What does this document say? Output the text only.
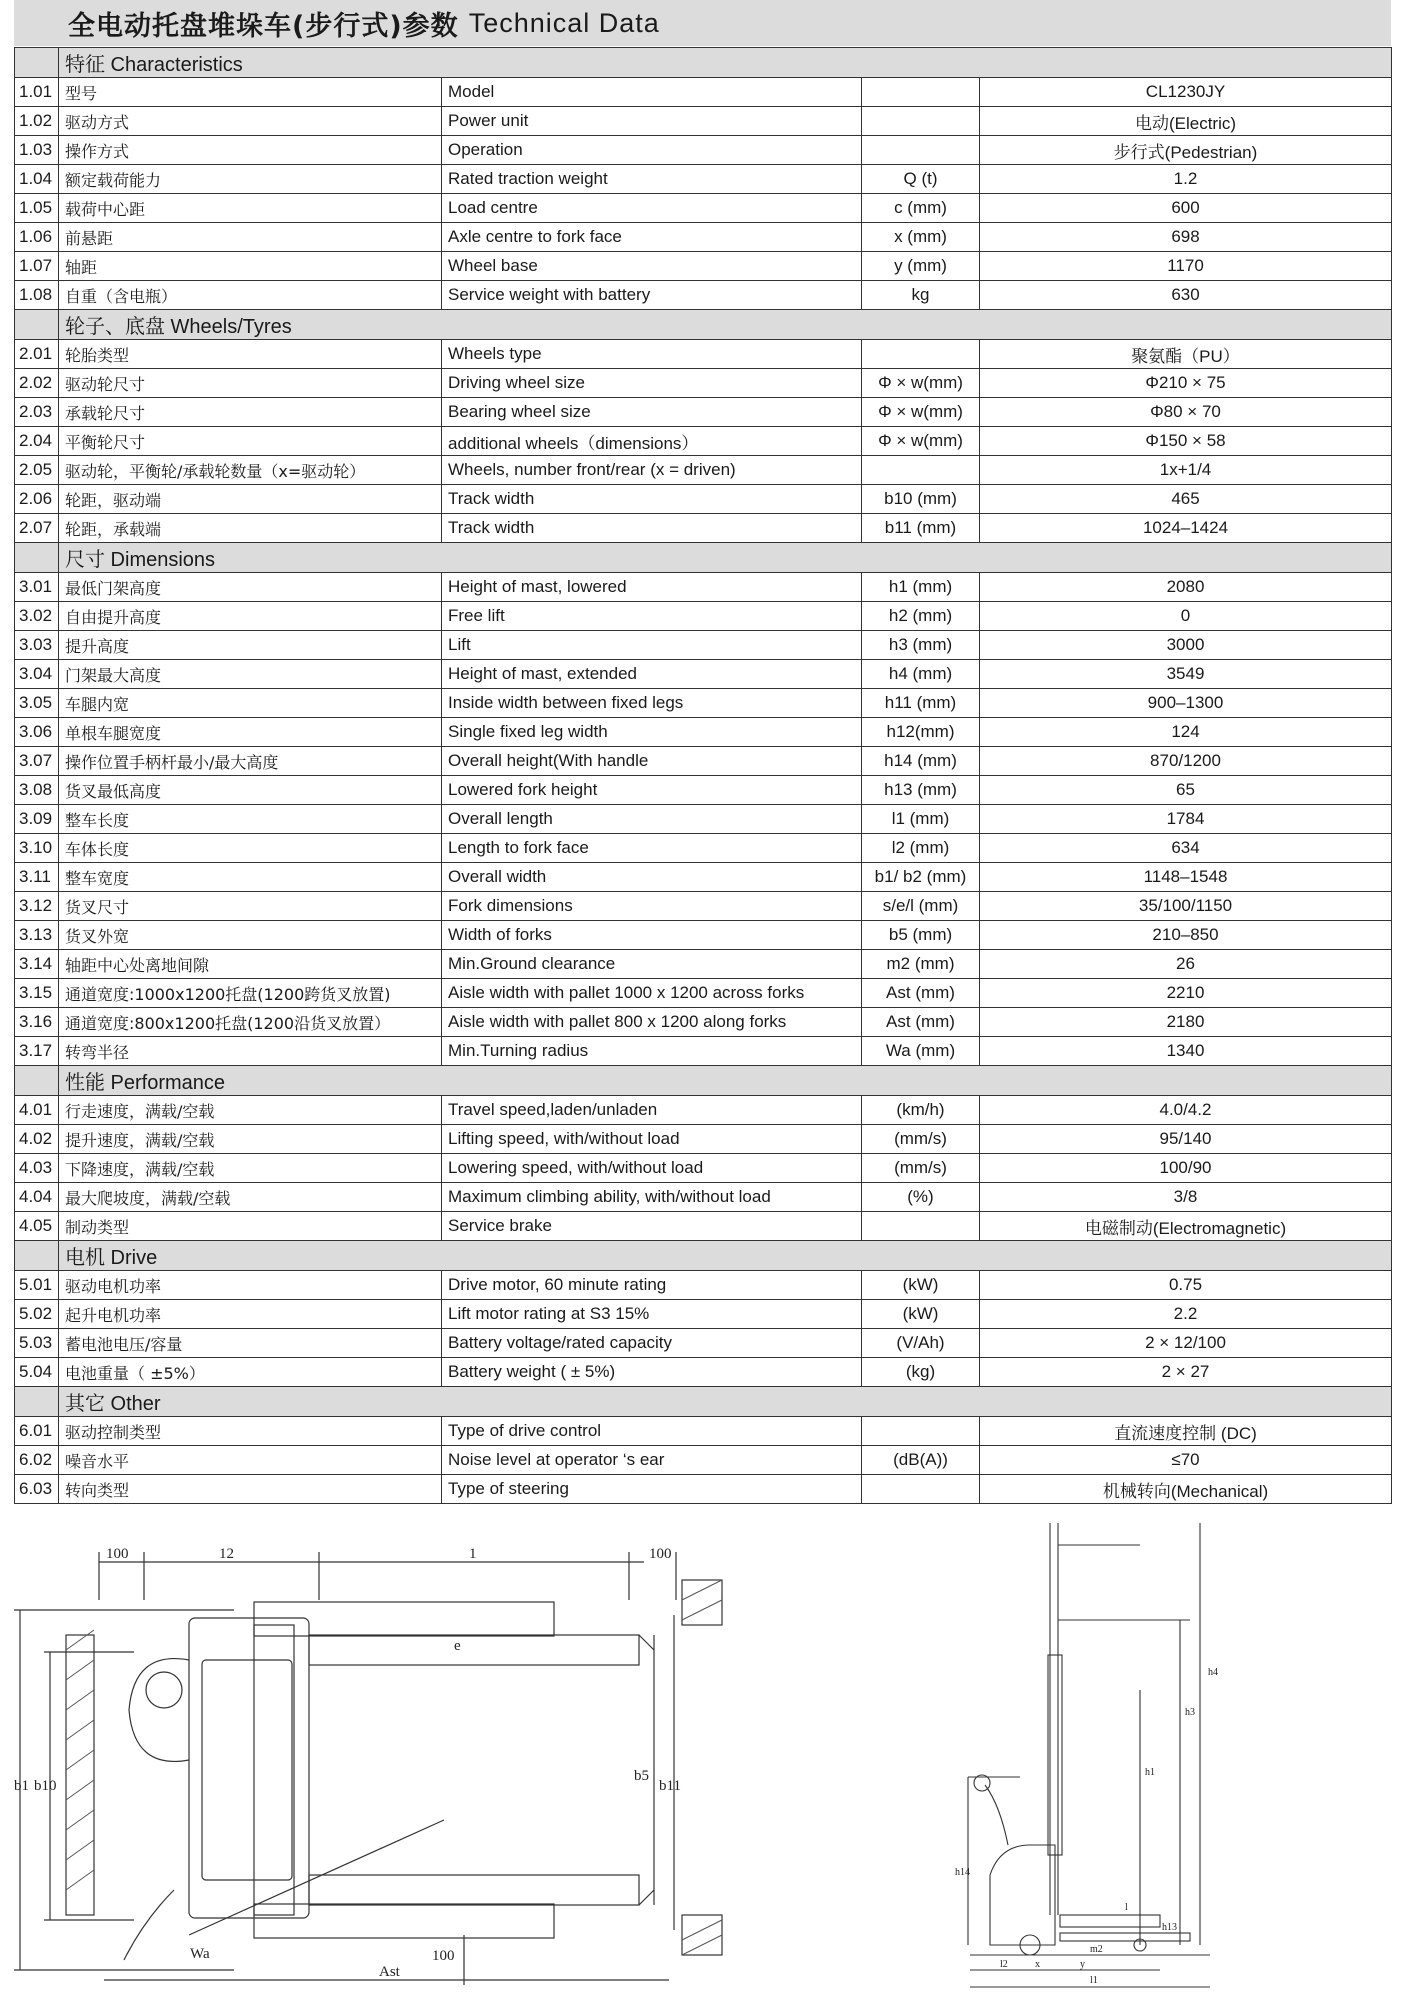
全电动托盘堆垛车(步行式)参数 Technical Data
	特征 Characteristics			
1.01	型号	Model		CL1230JY
1.02	驱动方式	Power unit		电动(Electric)
1.03	操作方式	Operation		步行式(Pedestrian)
1.04	额定载荷能力	Rated traction weight	Q (t)	1.2
1.05	载荷中心距	Load centre	c (mm)	600
1.06	前悬距	Axle centre to fork face	x (mm)	698
1.07	轴距	Wheel base	y (mm)	1170
1.08	自重（含电瓶）	Service weight with battery	kg	630
	轮子、底盘 Wheels/Tyres			
2.01	轮胎类型	Wheels type		聚氨酯（PU）
2.02	驱动轮尺寸	Driving wheel size	Φ × w(mm)	Φ210 × 75
2.03	承载轮尺寸	Bearing wheel size	Φ × w(mm)	Φ80 × 70
2.04	平衡轮尺寸	additional wheels（dimensions）	Φ × w(mm)	Φ150 × 58
2.05	驱动轮，平衡轮/承载轮数量（x=驱动轮）	Wheels, number front/rear (x = driven)		1x+1/4
2.06	轮距，驱动端	Track width	b10 (mm)	465
2.07	轮距，承载端	Track width	b11 (mm)	1024–1424
	尺寸 Dimensions			
3.01	最低门架高度	Height of mast, lowered	h1 (mm)	2080
3.02	自由提升高度	Free lift	h2 (mm)	0
3.03	提升高度	Lift	h3 (mm)	3000
3.04	门架最大高度	Height of mast, extended	h4 (mm)	3549
3.05	车腿内宽	Inside width between fixed legs	h11 (mm)	900–1300
3.06	单根车腿宽度	Single fixed leg width	h12(mm)	124
3.07	操作位置手柄杆最小/最大高度	Overall height(With handle	h14 (mm)	870/1200
3.08	货叉最低高度	Lowered fork height	h13 (mm)	65
3.09	整车长度	Overall length	l1 (mm)	1784
3.10	车体长度	Length to fork face	l2 (mm)	634
3.11	整车宽度	Overall width	b1/ b2 (mm)	1148–1548
3.12	货叉尺寸	Fork dimensions	s/e/l (mm)	35/100/1150
3.13	货叉外宽	Width of forks	b5 (mm)	210–850
3.14	轴距中心处离地间隙	Min.Ground clearance	m2 (mm)	26
3.15	通道宽度:1000x1200托盘(1200跨货叉放置)	Aisle width with pallet 1000 x 1200 across forks	Ast (mm)	2210
3.16	通道宽度:800x1200托盘(1200沿货叉放置）	Aisle width with pallet 800 x 1200 along forks	Ast (mm)	2180
3.17	转弯半径	Min.Turning radius	Wa (mm)	1340
	性能 Performance			
4.01	行走速度，满载/空载	Travel speed,laden/unladen	(km/h)	4.0/4.2
4.02	提升速度，满载/空载	Lifting speed, with/without load	(mm/s)	95/140
4.03	下降速度，满载/空载	Lowering speed, with/without load	(mm/s)	100/90
4.04	最大爬坡度，满载/空载	Maximum climbing ability, with/without load	(%)	3/8
4.05	制动类型	Service brake		电磁制动(Electromagnetic)
	电机 Drive			
5.01	驱动电机功率	Drive motor, 60 minute rating	(kW)	0.75
5.02	起升电机功率	Lift motor rating at S3 15%	(kW)	2.2
5.03	蓄电池电压/容量	Battery voltage/rated capacity	(V/Ah)	2 × 12/100
5.04	电池重量（ ±5%）	Battery weight ( ± 5%)	(kg)	2 × 27
	其它 Other			
6.01	驱动控制类型	Type of drive control		直流速度控制 (DC)
6.02	噪音水平	Noise level at operator ‘s ear	(dB(A))	≤70
6.03	转向类型	Type of steering		机械转向(Mechanical)
100	12	1	100
b1 b10
e
b5
b11
Wa	100
Ast
h4
h3
h1
h14
l
l2
l1
h13
m2
x	y
